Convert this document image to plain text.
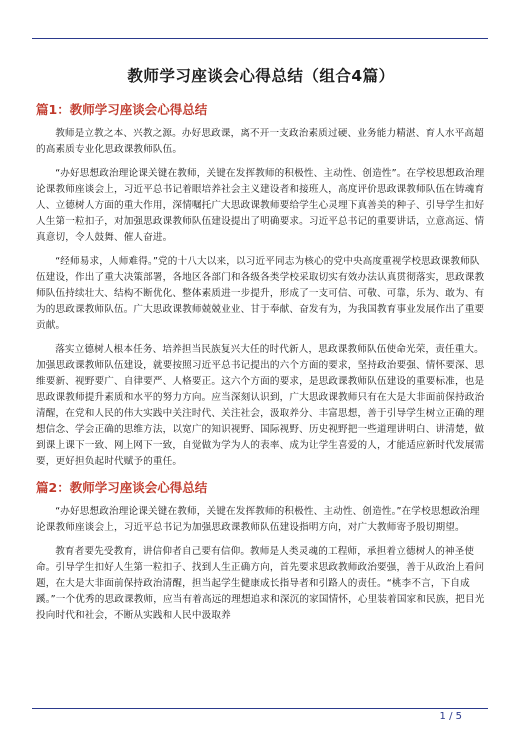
教师学习座谈会心得总结（组合4篇）
篇1：教师学习座谈会心得总结

教师是立教之本、兴教之源。办好思政课，离不开一支政治素质过硬、业务能力精湛、育人水平高超的高素质专业化思政课教师队伍。

“办好思想政治理论课关键在教师，关键在发挥教师的积极性、主动性、创造性”。在学校思想政治理论课教师座谈会上，习近平总书记着眼培养社会主义建设者和接班人，高度评价思政课教师队伍在铸魂育人、立德树人方面的重大作用，深情嘱托广大思政课教师要给学生心灵埋下真善美的种子、引导学生扣好人生第一粒扣子，对加强思政课教师队伍建设提出了明确要求。习近平总书记的重要讲话，立意高远、情真意切，令人鼓舞、催人奋进。

“经师易求，人师难得。”党的十八大以来，以习近平同志为核心的党中央高度重视学校思政课教师队伍建设，作出了重大决策部署，各地区各部门和各级各类学校采取切实有效办法认真贯彻落实，思政课教师队伍持续壮大、结构不断优化、整体素质进一步提升，形成了一支可信、可敬、可靠，乐为、敢为、有为的思政课教师队伍。广大思政课教师兢兢业业、甘于奉献、奋发有为，为我国教育事业发展作出了重要贡献。

落实立德树人根本任务、培养担当民族复兴大任的时代新人，思政课教师队伍使命光荣，责任重大。加强思政课教师队伍建设，就要按照习近平总书记提出的六个方面的要求，坚持政治要强、情怀要深、思维要新、视野要广、自律要严、人格要正。这六个方面的要求，是思政课教师队伍建设的重要标准，也是思政课教师提升素质和水平的努力方向。应当深刻认识到，广大思政课教师只有在大是大非面前保持政治清醒，在党和人民的伟大实践中关注时代、关注社会，汲取养分、丰富思想，善于引导学生树立正确的理想信念、学会正确的思维方法，以宽广的知识视野、国际视野、历史视野把一些道理讲明白、讲清楚，做到课上课下一致、网上网下一致，自觉做为学为人的表率、成为让学生喜爱的人，才能适应新时代发展需要，更好担负起时代赋予的重任。

篇2：教师学习座谈会心得总结

“办好思想政治理论课关键在教师，关键在发挥教师的积极性、主动性、创造性。”在学校思想政治理论课教师座谈会上，习近平总书记为加强思政课教师队伍建设指明方向，对广大教师寄予殷切期望。

教育者要先受教育，讲信仰者自己要有信仰。教师是人类灵魂的工程师，承担着立德树人的神圣使命。引导学生扣好人生第一粒扣子、找到人生正确方向，首先要求思政教师政治要强，善于从政治上看问题，在大是大非面前保持政治清醒，担当起学生健康成长指导者和引路人的责任。“桃李不言，下自成蹊。”一个优秀的思政课教师，应当有着高远的理想追求和深沉的家国情怀，心里装着国家和民族，把目光投向时代和社会，不断从实践和人民中汲取养

1 / 5
